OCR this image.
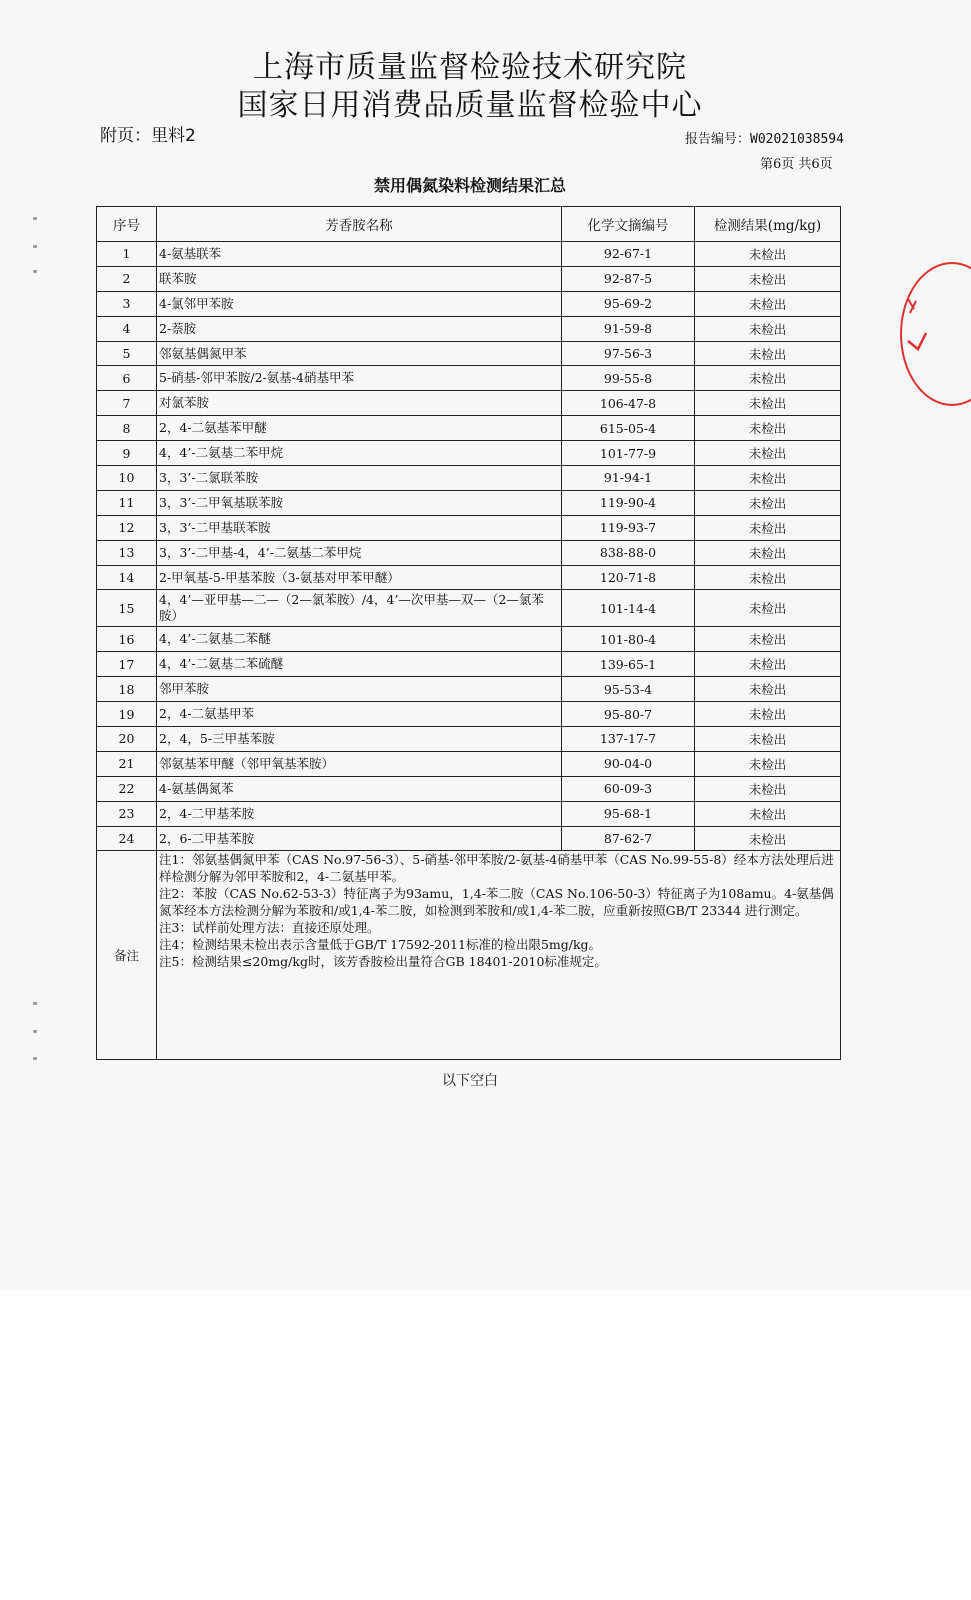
上海市质量监督检验技术研究院
国家日用消费品质量监督检验中心
附页：里料2	报告编号：W02021038594
第6页 共6页
禁用偶氮染料检测结果汇总
序号	芳香胺名称	化学文摘编号	检测结果(mg/kg)
1	4-氨基联苯	92-67-1	未检出
2	联苯胺	92-87-5	未检出
3	4-氯邻甲苯胺	95-69-2	未检出
4	2-萘胺	91-59-8	未检出
5	邻氨基偶氮甲苯	97-56-3	未检出
6	5-硝基-邻甲苯胺/2-氨基-4硝基甲苯	99-55-8	未检出
7	对氯苯胺	106-47-8	未检出
8	2，4-二氨基苯甲醚	615-05-4	未检出
9	4，4’-二氨基二苯甲烷	101-77-9	未检出
10	3，3’-二氯联苯胺	91-94-1	未检出
11	3，3’-二甲氧基联苯胺	119-90-4	未检出
12	3，3’-二甲基联苯胺	119-93-7	未检出
13	3，3’-二甲基-4，4’-二氨基二苯甲烷	838-88-0	未检出
14	2-甲氧基-5-甲基苯胺（3-氨基对甲苯甲醚）	120-71-8	未检出
15	4，4’—亚甲基—二—（2—氯苯胺）/4，4’—次甲基—双—（2—氯苯胺）	101-14-4	未检出
16	4，4’-二氨基二苯醚	101-80-4	未检出
17	4，4’-二氨基二苯硫醚	139-65-1	未检出
18	邻甲苯胺	95-53-4	未检出
19	2，4-二氨基甲苯	95-80-7	未检出
20	2，4，5-三甲基苯胺	137-17-7	未检出
21	邻氨基苯甲醚（邻甲氧基苯胺）	90-04-0	未检出
22	4-氨基偶氮苯	60-09-3	未检出
23	2，4-二甲基苯胺	95-68-1	未检出
24	2，6-二甲基苯胺	87-62-7	未检出
备注	注1：邻氨基偶氮甲苯（CAS No.97-56-3）、5-硝基-邻甲苯胺/2-氨基-4硝基甲苯（CAS No.99-55-8）经本方法处理后进样检测分解为邻甲苯胺和2，4-二氨基甲苯。

注2：苯胺（CAS No.62-53-3）特征离子为93amu，1,4-苯二胺（CAS No.106-50-3）特征离子为108amu。4-氨基偶氮苯经本方法检测分解为苯胺和/或1,4-苯二胺，如检测到苯胺和/或1,4-苯二胺，应重新按照GB/T 23344 进行测定。

注3：试样前处理方法：直接还原处理。

注4：检测结果未检出表示含量低于GB/T 17592-2011标准的检出限5mg/kg。

注5：检测结果≤20mg/kg时，该芳香胺检出量符合GB 18401-2010标准规定。		

以下空白
